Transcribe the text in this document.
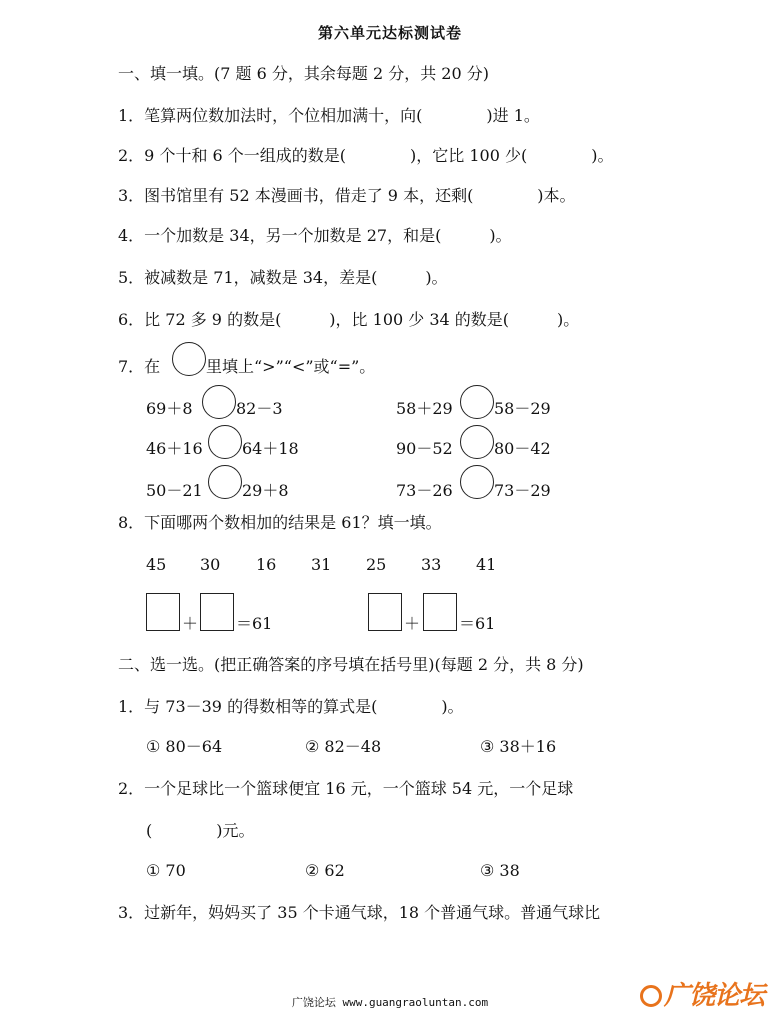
第六单元达标测试卷
一、填一填。(7 题 6 分，其余每题 2 分，共 20 分)
1．笔算两位数加法时，个位相加满十，向(　　　　)进 1。
2．9 个十和 6 个一组成的数是(　　　　)，它比 100 少(　　　　)。
3．图书馆里有 52 本漫画书，借走了 9 本，还剩(　　　　)本。
4．一个加数是 34，另一个加数是 27，和是(　　　)。
5．被减数是 71，减数是 34，差是(　　　)。
6．比 72 多 9 的数是(　　　)，比 100 少 34 的数是(　　　)。
7．在	里填上“>”“<”或“=”。
69＋8	82－3	58＋29	58－29
46＋16 64＋18	90－52	80－42
50－21 29＋8	73－26	73－29
8．下面哪两个数相加的结果是 61？填一填。
45 30 16 31 25 33 41
＋ ＝61	＋ ＝61
二、选一选。(把正确答案的序号填在括号里)(每题 2 分，共 8 分)
1．与 73－39 的得数相等的算式是(　　　　)。
① 80－64	② 82－48	③ 38＋16
2．一个足球比一个篮球便宜 16 元，一个篮球 54 元，一个足球
(　　　　)元。
① 70	② 62	③ 38
3．过新年，妈妈买了 35 个卡通气球，18 个普通气球。普通气球比
广饶论坛 www.guangraoluntan.com	广饶论坛
